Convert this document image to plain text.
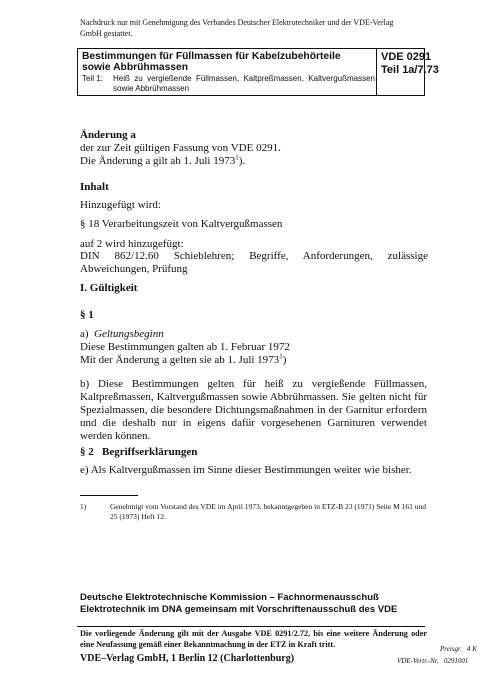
Nachdruck nur mit Genehmigung des Verbandes Deutscher Elektrotechniker und der VDE-Verlag GmbH gestattet.
Bestimmungen für Füllmassen für Kabelzubehörteile sowie Abbrühmassen
Teil 1: Heiß zu vergießende Füllmassen, Kaltpreßmassen, Kaltvergußmassen sowie Abbrühmassen
VDE 0291
Teil 1a/7.73
Änderung a
der zur Zeit gültigen Fassung von VDE 0291.
Die Änderung a gilt ab 1. Juli 1973$^1$).
Inhalt
Hinzugefügt wird:
§ 18 Verarbeitungszeit von Kaltvergußmassen
auf 2 wird hinzugefügt:
DIN 862/12.60 Schieblehren; Begriffe, Anforderungen, zulässige Abweichungen, Prüfung
I. Gültigkeit
§ 1
a) Geltungsbeginn
Diese Bestimmungen galten ab 1. Februar 1972
Mit der Änderung a gelten sie ab 1. Juli 1973$^1$)
b) Diese Bestimmungen gelten für heiß zu vergießende Füllmassen, Kaltpreßmassen, Kaltvergußmassen sowie Abbrühmassen. Sie gelten nicht für Spezialmassen, die besondere Dichtungsmaßnahmen in der Garnitur erfordern und die deshalb nur in eigens dafür vorgesehenen Garnituren verwendet werden können.
§ 2   Begriffserklärungen
e) Als Kaltvergußmassen im Sinne dieser Bestimmungen weiter wie bisher.
1)	Genehmigt vom Vorstand des VDE im April 1973, bekanntgegeben in ETZ-B 23 (1971) Seite M 161 und 25 (1973) Heft 12.
Deutsche Elektrotechnische Kommission – Fachnormenausschuß Elektrotechnik im DNA gemeinsam mit Vorschriftenausschuß des VDE
Die vorliegende Änderung gilt mit der Ausgabe VDE 0291/2.72, bis eine weitere Änderung oder eine Neufassung gemäß einer Bekanntmachung in der ETZ in Kraft tritt.
VDE–Verlag GmbH, 1 Berlin 12 (Charlottenburg)
Preisgr.   4 K
VDE-Vertr.-Nr.   0291001
